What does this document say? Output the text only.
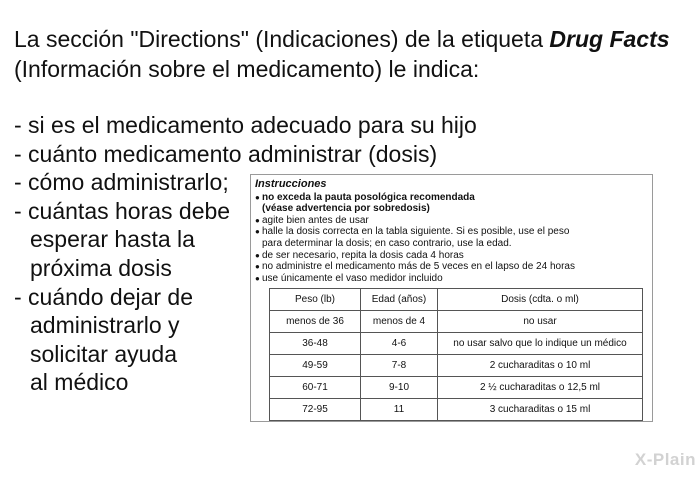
La sección "Directions" (Indicaciones) de la etiqueta Drug Facts (Información sobre el medicamento) le indica:

- si es el medicamento adecuado para su hijo
- cuánto medicamento administrar (dosis)
- cómo administrarlo;
- cuántas horas debe
esperar hasta la
próxima dosis
- cuándo dejar de
administrarlo y
solicitar ayuda
al médico
Instrucciones
● no exceda la pauta posológica recomendada
(véase advertencia por sobredosis)
● agite bien antes de usar
● halle la dosis correcta en la tabla siguiente. Si es posible, use el peso
para determinar la dosis; en caso contrario, use la edad.
● de ser necesario, repita la dosis cada 4 horas
● no administre el medicamento más de 5 veces en el lapso de 24 horas
● use únicamente el vaso medidor incluido
Peso (lb)	Edad (años)	Dosis (cdta. o ml)
menos de 36	menos de 4	no usar
36-48	4-6	no usar salvo que lo indique un médico
49-59	7-8	2 cucharaditas o 10 ml
60-71	9-10	2 ½ cucharaditas o 12,5 ml
72-95	11	3 cucharaditas o 15 ml
X-Plain
